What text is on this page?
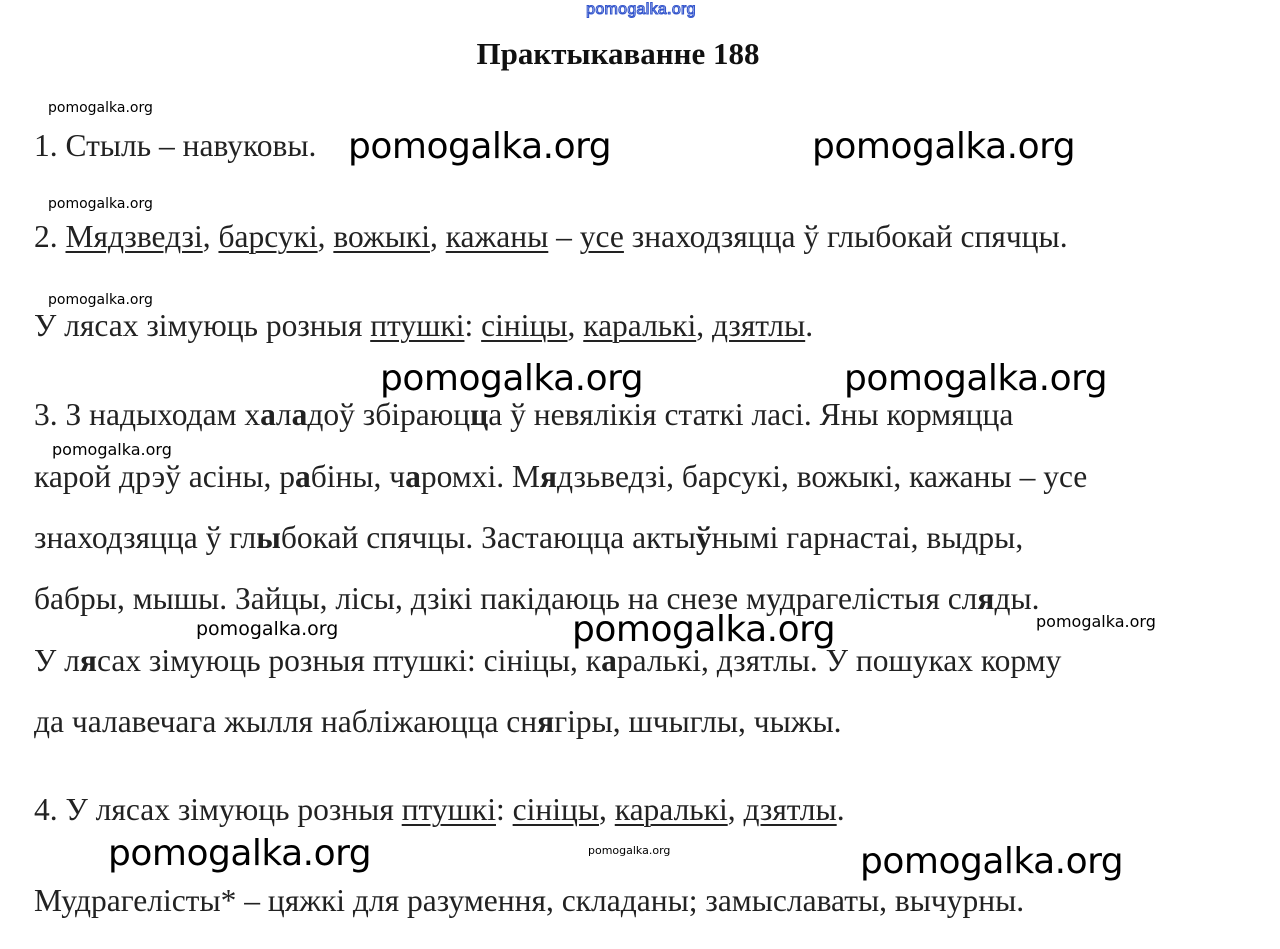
pomogalka.org
Практыкаванне 188
1. Стыль – навуковы.
2. Мядзведзі, барсукі, вожыкі, кажаны – усе знаходзяцца ў глыбокай спячцы.
У лясах зімуюць розныя птушкі: сініцы, каралькі, дзятлы.
3. З надыходам халадоў збіраюцца ў невялікія статкі ласі. Яны кормяцца
карой дрэў асіны, рабіны, чаромхі. Мядзьведзі, барсукі, вожыкі, кажаны – усе
знаходзяцца ў глыбокай спячцы. Застаюцца актыўнымі гарнастаі, выдры,
бабры, мышы. Зайцы, лісы, дзікі пакідаюць на снезе мудрагелістыя сляды.
У лясах зімуюць розныя птушкі: сініцы, каралькі, дзятлы. У пошуках корму
да чалавечага жылля набліжаюцца снягіры, шчыглы, чыжы.
4. У лясах зімуюць розныя птушкі: сініцы, каралькі, дзятлы.
Мудрагелісты* – цяжкі для разумення, складаны; замыславаты, вычурны.
pomogalka.org
pomogalka.org	pomogalka.org
pomogalka.org
pomogalka.org
pomogalka.org	pomogalka.org
pomogalka.org
pomogalka.org	pomogalka.org	pomogalka.org
pomogalka.org	pomogalka.org	pomogalka.org
